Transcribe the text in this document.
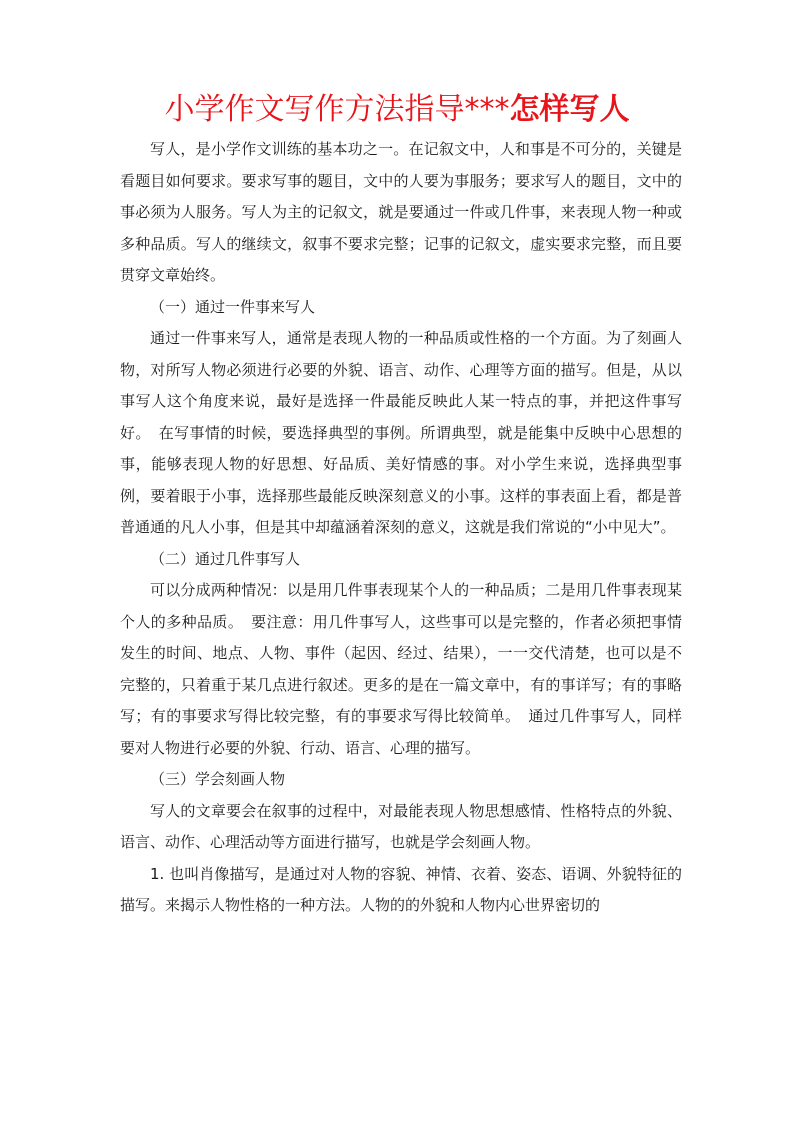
小学作文写作方法指导***怎样写人

写人，是小学作文训练的基本功之一。在记叙文中，人和事是不可分的，关键是看题目如何要求。要求写事的题目，文中的人要为事服务；要求写人的题目，文中的事必须为人服务。写人为主的记叙文，就是要通过一件或几件事，来表现人物一种或多种品质。写人的继续文，叙事不要求完整；记事的记叙文，虚实要求完整，而且要贯穿文章始终。

（一）通过一件事来写人

通过一件事来写人，通常是表现人物的一种品质或性格的一个方面。为了刻画人物，对所写人物必须进行必要的外貌、语言、动作、心理等方面的描写。但是，从以事写人这个角度来说，最好是选择一件最能反映此人某一特点的事，并把这件事写好。　在写事情的时候，要选择典型的事例。所谓典型，就是能集中反映中心思想的事，能够表现人物的好思想、好品质、美好情感的事。对小学生来说，选择典型事例，要着眼于小事，选择那些最能反映深刻意义的小事。这样的事表面上看，都是普普通通的凡人小事，但是其中却蕴涵着深刻的意义，这就是我们常说的“小中见大”。

（二）通过几件事写人

可以分成两种情况：以是用几件事表现某个人的一种品质；二是用几件事表现某个人的多种品质。　要注意：用几件事写人，这些事可以是完整的，作者必须把事情发生的时间、地点、人物、事件（起因、经过、结果），一一交代清楚，也可以是不完整的，只着重于某几点进行叙述。更多的是在一篇文章中，有的事详写；有的事略写；有的事要求写得比较完整，有的事要求写得比较简单。　通过几件事写人，同样要对人物进行必要的外貌、行动、语言、心理的描写。

（三）学会刻画人物

写人的文章要会在叙事的过程中，对最能表现人物思想感情、性格特点的外貌、语言、动作、心理活动等方面进行描写，也就是学会刻画人物。

1. 也叫肖像描写，是通过对人物的容貌、神情、衣着、姿态、语调、外貌特征的描写。来揭示人物性格的一种方法。人物的的外貌和人物内心世界密切的
